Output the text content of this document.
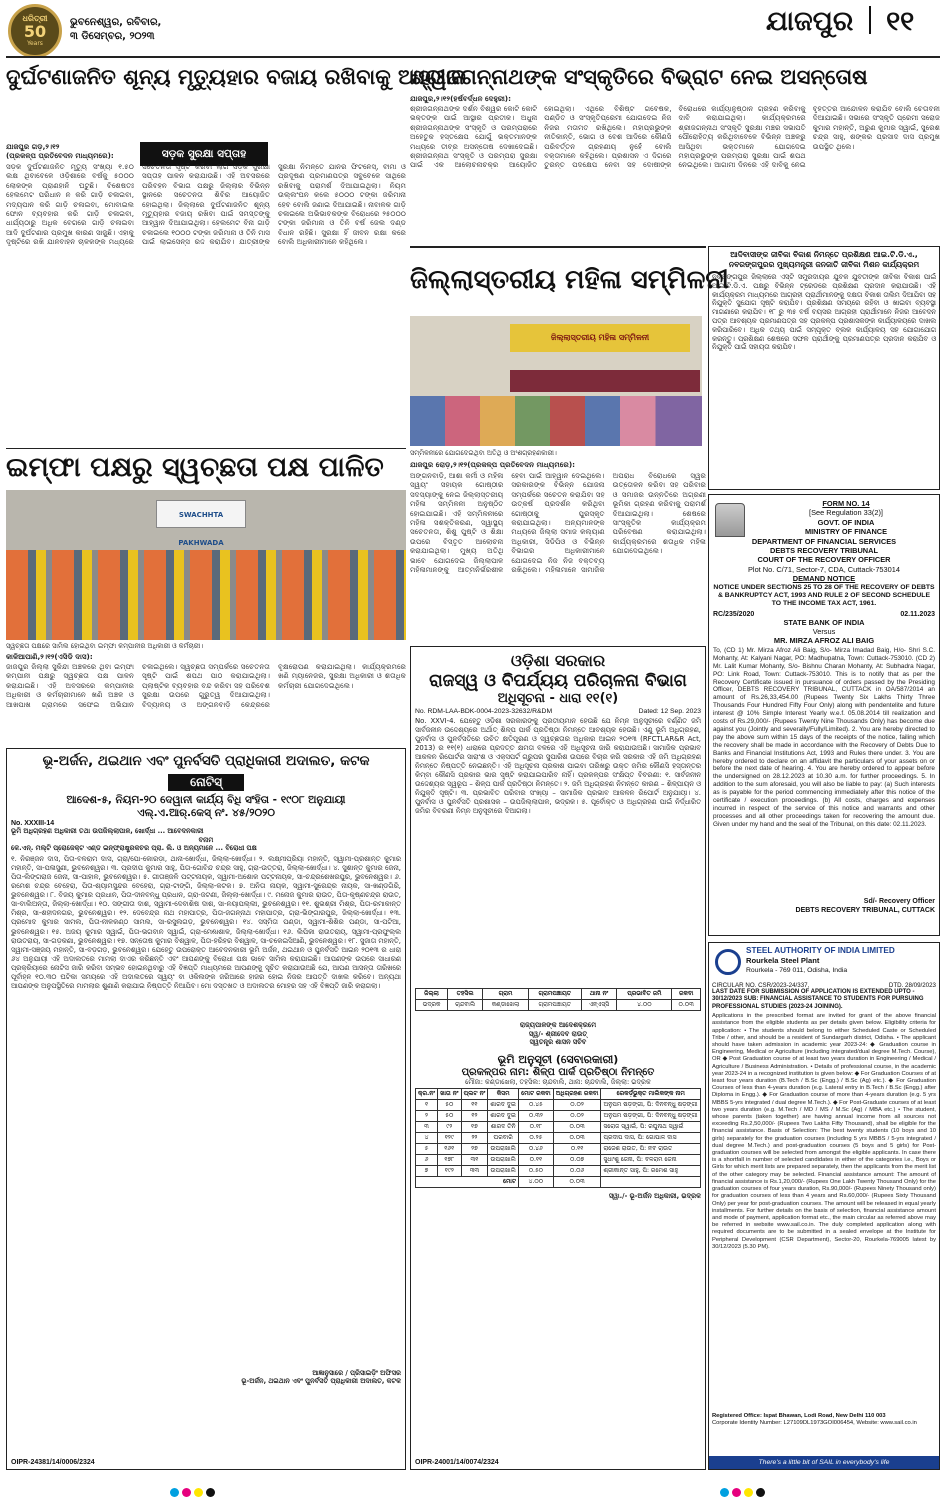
ଧରିତ୍ରୀ
50
Years
ଭୁବନେଶ୍ୱର, ରବିବାର,
୩ ଡିସେମ୍ବର, ୨୦୨୩	ଯାଜପୁର ୧୧
ଦୁର୍ଘଟଣାଜନିତ ଶୂନ୍ୟ ମୃତ୍ୟୁହାର ବଜାୟ ରଖିବାକୁ ଆହ୍ୱାନ
ସଡ଼କ ସୁରକ୍ଷା ସପ୍ତାହ
ଯାଜପୁର ଗଡ଼,୨।୧୨
(ପ୍ରକଳ୍ପ ପ୍ରତିବେଦନ ମାଧ୍ୟମରେ):
ସଡ଼କ ଦୁର୍ଘଟଣାଜନିତ ମୃତ୍ୟୁ ସଂଖ୍ୟା ୧.୫୦ ଲକ୍ଷ ଥିବାବେଳେ ଓଡ଼ିଶାରେ ବର୍ଷକୁ ୫୦୦୦ ଲୋକଙ୍କ ପ୍ରାଣହାନି ଘଟୁଛି। ବିଶେଷତଃ ହେଲମେଟ ପରିଧାନ ନ କରି ଗାଡ଼ି ଚଳାଇବା, ମଦ୍ୟପାନ କରି ଗାଡ଼ି ଚଳାଇବା, ମୋବାଇଲ ଫୋନ ବ୍ୟବହାର କରି ଗାଡ଼ି ଚଳାଇବା, ଧାର୍ଯ୍ୟଠାରୁ ଅଧିକ ବେଗରେ ଗାଡ଼ି ଚଳାଇବା ଆଦି ଦୁର୍ଘଟଣାର ପ୍ରମୁଖ କାରଣ ସାଜୁଛି। ଏହାକୁ ଦୃଷ୍ଟିରେ ରଖି ଯାନବାହନ ଚାଳକଙ୍କ ମଧ୍ୟରେ ସଚେତନତା ସୃଷ୍ଟି କରିବା ଲାଗି ସଡ଼କ ସୁରକ୍ଷା ସପ୍ତାହ ପାଳନ କରାଯାଉଛି। ଏହି ଅବସରରେ ପରିବହନ ବିଭାଗ ପକ୍ଷରୁ ଜିଲ୍ଲାର ବିଭିନ୍ନ ସ୍ଥାନରେ ସଚେତନତା ଶିବିର ଆୟୋଜିତ ହୋଇଥିଲା। ଜିଲ୍ଲାରେ ଦୁର୍ଘଟଣାଜନିତ ଶୂନ୍ୟ ମୃତ୍ୟୁହାର ବଜାୟ ରଖିବା ପାଇଁ ସମସ୍ତଙ୍କୁ ଆହ୍ୱାନ ଦିଆଯାଇଥିଲା। ହେଲମେଟ ବିନା ଗାଡ଼ି ଚଳାଇଲେ ୧୦୦୦ ଟଙ୍କା ଜରିମାନା ଓ ତିନି ମାସ ପାଇଁ ଲାଇସେନ୍ସ ରଦ୍ଦ କରାଯିବ। ଯାତ୍ରୀଙ୍କ ସୁରକ୍ଷା ନିମନ୍ତେ ଯାନର ଫିଟନେସ୍, ବୀମା ଓ ପ୍ରଦୂଷଣ ପ୍ରମାଣପତ୍ର ସବୁବେଳେ ସାଥିରେ ରଖିବାକୁ ପରାମର୍ଶ ଦିଆଯାଇଥିଲା। ନିୟମ ଉଲ୍ଲଂଘନ କଲେ ୫୦୦୦ ଟଙ୍କା ଜରିମାନା ହେବ ବୋଲି ଜଣାଇ ଦିଆଯାଇଛି। ନାବାଳକ ଗାଡ଼ି ଚଳାଇଲେ ଅଭିଭାବକଙ୍କ ବିରୋଧରେ ୨୫୦୦୦ ଟଙ୍କା ଜରିମାନା ଓ ତିନି ବର୍ଷ ଜେଲ ଦଣ୍ଡ ବିଧାନ ରହିଛି। ସୁରକ୍ଷା ହିଁ ଜୀବନ ରକ୍ଷା କରେ ବୋଲି ଅଧିକାରୀମାନେ କହିଥିଲେ।
ଶ୍ରୀଜଗନ୍ନାଥଙ୍କ ସଂସ୍କୃତିରେ ବିଭ୍ରାଟ ନେଇ ଅସନ୍ତୋଷ
ଯାଜପୁର,୨।୧୨(ହର୍ଷବର୍ଦ୍ଧନ ଦେହୁରୀ):
ଶ୍ରୀଜଗନ୍ନାଥଙ୍କ ଦର୍ଶନ ବିଶ୍ୱର କୋଟି କୋଟି ଭକ୍ତଙ୍କ ପାଇଁ ଆସ୍ଥାର ପ୍ରତୀକ। ଅଧୁନା ଶ୍ରୀଜଗନ୍ନାଥଙ୍କ ସଂସ୍କୃତି ଓ ପରମ୍ପରାରେ ଅହେତୁକ ହସ୍ତକ୍ଷେପ ଯୋଗୁଁ ଭକ୍ତମାନଙ୍କ ମଧ୍ୟରେ ତୀବ୍ର ଅସନ୍ତୋଷ ଦେଖାଦେଇଛି। ଶ୍ରୀଜଗନ୍ନାଥ ସଂସ୍କୃତି ଓ ପରମ୍ପରା ସୁରକ୍ଷା ପାଇଁ ଏକ ଆଲୋଚନାଚକ୍ର ଆୟୋଜିତ ହୋଇଥିଲା। ଏଥିରେ ବିଶିଷ୍ଟ ଗବେଷକ, ପଣ୍ଡିତ ଓ ସଂସ୍କୃତିପ୍ରେମୀ ଯୋଗଦେଇ ନିଜ ନିଜର ମତାମତ ରଖିଥିଲେ। ମହାପ୍ରଭୁଙ୍କ ନୀତିକାନ୍ତି, ଭୋଗ ଓ ବେଶ ଆଦିରେ କୌଣସି ପରିବର୍ତ୍ତନ ଗ୍ରହଣୀୟ ନୁହେଁ ବୋଲି ବକ୍ତାମାନେ କହିଥିଲେ। ପ୍ରଶାସନ ଏ ଦିଗରେ ତୁରନ୍ତ ପଦକ୍ଷେପ ନେବା ସହ ଦୋଷୀଙ୍କ ବିରୋଧରେ କାର୍ଯ୍ୟାନୁଷ୍ଠାନ ଗ୍ରହଣ କରିବାକୁ ଦାବି କରାଯାଇଥିଲା। କାର୍ଯ୍ୟକ୍ରମରେ ଶ୍ରୀଜଗନ୍ନାଥ ସଂସ୍କୃତି ସୁରକ୍ଷା ମଞ୍ଚର ସଭାପତି ପୌରୋହିତ୍ୟ କରିଥିବାବେଳେ ବିଭିନ୍ନ ଅଞ୍ଚଳରୁ ଆସିଥିବା ଭକ୍ତମାନେ ଯୋଗଦେଇ ମହାପ୍ରଭୁଙ୍କ ପରମ୍ପରା ସୁରକ୍ଷା ପାଇଁ ଶପଥ ନେଇଥିଲେ। ଆଗାମୀ ଦିନରେ ଏହି ଦାବିକୁ ନେଇ ବୃହତ୍ତର ଆନ୍ଦୋଳନ କରାଯିବ ବୋଲି ଚେତାବନୀ ଦିଆଯାଇଛି। ସଭାରେ ସଂସ୍କୃତି ପ୍ରେମୀ ସରୋଜ କୁମାର ମହାନ୍ତି, ଅରୁଣ କୁମାର ସ୍ୱାଇଁ, ସୁରେଶ ଚନ୍ଦ୍ର ସାହୁ, ଶଙ୍କର ପ୍ରସାଦ ଦାସ ପ୍ରମୁଖ ଉପସ୍ଥିତ ଥିଲେ।
ଜିଲ୍ଲାସ୍ତରୀୟ ମହିଳା ସମ୍ମିଳନୀ
ଜିଲ୍ଲାସ୍ତରୀୟ ମହିଳା ସମ୍ମିଳନୀ
ସମ୍ମିଳନୀରେ ଯୋଗଦେଇଥିବା ଅତିଥି ଓ ଅଂଶଗ୍ରହଣକାରୀ।
ଯାଜପୁର ରୋଡ଼,୨।୧୨(ପ୍ରକଳ୍ପ ପ୍ରତିବେଦନ ମାଧ୍ୟମରେ):
ଅଙ୍ଗନବାଡ଼ି, ଆଶା କର୍ମୀ ଓ ମହିଳା ସ୍ୱୟଂ ସହାୟକ ଗୋଷ୍ଠୀର ସଦସ୍ୟାଙ୍କୁ ନେଇ ଜିଲ୍ଲାସ୍ତରୀୟ ମହିଳା ସମ୍ମିଳନୀ ଅନୁଷ୍ଠିତ ହୋଇଯାଇଛି। ଏହି ସମ୍ମିଳନୀରେ ମହିଳା ସଶକ୍ତିକରଣ, ସ୍ୱାସ୍ଥ୍ୟ ସଚେତନତା, ଶିଶୁ ପୁଷ୍ଟି ଓ ଶିକ୍ଷା ଉପରେ ବିସ୍ତୃତ ଆଲୋଚନା କରାଯାଇଥିଲା। ମୁଖ୍ୟ ଅତିଥି ଭାବେ ଯୋଗଦେଇ ଜିଲ୍ଲାପାଳ ମହିଳାମାନଙ୍କୁ ଆତ୍ମନିର୍ଭରଶୀଳ ହେବା ପାଇଁ ଆହ୍ୱାନ ଦେଇଥିଲେ। ସରକାରଙ୍କ ବିଭିନ୍ନ ଯୋଜନା ସମ୍ପର୍କରେ ସଚେତନ କରାଯିବା ସହ ଉତ୍କର୍ଷ ପ୍ରଦର୍ଶନ କରିଥିବା ଗୋଷ୍ଠୀକୁ ପୁରସ୍କୃତ କରାଯାଇଥିଲା। ଅନ୍ୟମାନଙ୍କ ମଧ୍ୟରେ ଜିଲ୍ଲା ସମାଜ କଲ୍ୟାଣ ଅଧିକାରୀ, ସିଡିପିଓ ଓ ବିଭିନ୍ନ ବିଭାଗର ଅଧିକାରୀମାନେ ଯୋଗଦେଇ ନିଜ ନିଜ ବକ୍ତବ୍ୟ ରଖିଥିଲେ। ମହିଳାମାନେ ସାମାଜିକ ଅପରାଧ ବିରୋଧରେ ସ୍ୱର ଉତ୍ତୋଳନ କରିବା ସହ ପରିବାର ଓ ସମାଜର ଉନ୍ନତିରେ ଅଗ୍ରଣୀ ଭୂମିକା ଗ୍ରହଣ କରିବାକୁ ପରାମର୍ଶ ଦିଆଯାଇଥିଲା। ଶେଷରେ ସାଂସ୍କୃତିକ କାର୍ଯ୍ୟକ୍ରମ ପରିବେଷଣ କରାଯାଇଥିଲା। କାର୍ଯ୍ୟକ୍ରମରେ ଶତାଧିକ ମହିଳା ଯୋଗଦେଇଥିଲେ।
ଇମ୍ଫା ପକ୍ଷରୁ ସ୍ୱଚ୍ଛତା ପକ୍ଷ ପାଳିତ
SWACHHTA PAKHWADA
ସ୍ୱଚ୍ଛତା ପକ୍ଷରେ ସାମିଲ ହୋଇଥିବା ଇମ୍ଫା କମ୍ପାନୀର ଅଧିକାରୀ ଓ କର୍ମଚାରୀ।
କାଳିଆପାଣି,୨।୧୨(ଏସିଡି ଦାସ):
ଜାଜପୁର ଜିଲ୍ଲା ସୁକିନ୍ଦା ଅଞ୍ଚଳରେ ଥିବା ଇମ୍ଫା କମ୍ପାନୀ ପକ୍ଷରୁ ସ୍ୱଚ୍ଛତା ପକ୍ଷ ପାଳନ କରାଯାଇଛି। ଏହି ଅବସରରେ କମ୍ପାନୀର ଅଧିକାରୀ ଓ କର୍ମଚାରୀମାନେ ଖଣି ଅଞ୍ଚଳ ଓ ଆଖପାଖ ଗ୍ରାମରେ ସଫେଇ ଅଭିଯାନ ଚଳାଇଥିଲେ। ସ୍ୱଚ୍ଛତା ସମ୍ପର୍କରେ ସଚେତନତା ସୃଷ୍ଟି ପାଇଁ ଶପଥ ପାଠ କରାଯାଇଥିଲା। ପ୍ଲାଷ୍ଟିକ ବ୍ୟବହାର ବନ୍ଦ କରିବା ସହ ପରିବେଶ ସୁରକ୍ଷା ଉପରେ ଗୁରୁତ୍ୱ ଦିଆଯାଇଥିଲା। ବିଦ୍ୟାଳୟ ଓ ଅଙ୍ଗନବାଡ଼ି କେନ୍ଦ୍ରରେ ବୃକ୍ଷରୋପଣ କରାଯାଇଥିଲା। କାର୍ଯ୍ୟକ୍ରମରେ ଖଣି ମ୍ୟାନେଜର, ସୁରକ୍ଷା ଅଧିକାରୀ ଓ ଶତାଧିକ କର୍ମଚାରୀ ଯୋଗଦେଇଥିଲେ।
ଆଦିବାସୀଙ୍କ ଜୀବିକା ବିକାଶ ନିମନ୍ତେ ପ୍ରଶିକ୍ଷଣ ଆଇ.ଟି.ଡି.ଏ., ନବରଙ୍ଗପୁରର ମୁଖ୍ୟମନ୍ତ୍ରୀ ଜନଜାତି ଜୀବିକା ମିଶନ କାର୍ଯ୍ୟକ୍ରମ
ନବରଙ୍ଗପୁର ଜିଲ୍ଲାରେ ଏସ୍‌ଟି ସମ୍ପ୍ରଦାୟର ଯୁବକ ଯୁବତୀଙ୍କ ଜୀବିକା ବିକାଶ ପାଇଁ ଆଇ.ଟି.ଡି.ଏ. ପକ୍ଷରୁ ବିଭିନ୍ନ ଟ୍ରେଡରେ ପ୍ରଶିକ୍ଷଣ ପ୍ରଦାନ କରାଯାଉଛି। ଏହି କାର୍ଯ୍ୟକ୍ରମ ମାଧ୍ୟମରେ ଆଗ୍ରହୀ ପ୍ରାର୍ଥୀମାନଙ୍କୁ ଦକ୍ଷତା ବିକାଶ ତାଲିମ ଦିଆଯିବା ସହ ନିଯୁକ୍ତି ସୁଯୋଗ ସୃଷ୍ଟି କରାଯିବ। ପ୍ରଶିକ୍ଷଣ ସମୟରେ ରହିବା ଓ ଖାଇବା ବ୍ୟବସ୍ଥା ମାଗଣାରେ କରାଯିବ। ୧୮ ରୁ ୩୫ ବର୍ଷ ବୟସର ଆଗ୍ରହୀ ପ୍ରାର୍ଥୀମାନେ ନିଜର ଆବେଦନ ପତ୍ର ଆବଶ୍ୟକ ପ୍ରମାଣପତ୍ର ସହ ପ୍ରକଳ୍ପ ପ୍ରଶାସକଙ୍କ କାର୍ଯ୍ୟାଳୟରେ ଦାଖଲ କରିପାରିବେ। ଅଧିକ ତଥ୍ୟ ପାଇଁ ସମ୍ପୃକ୍ତ ବ୍ଲକ କାର୍ଯ୍ୟାଳୟ ସହ ଯୋଗାଯୋଗ କରନ୍ତୁ। ପ୍ରଶିକ୍ଷଣ ଶେଷରେ ସଫଳ ପ୍ରାର୍ଥୀଙ୍କୁ ପ୍ରମାଣପତ୍ର ପ୍ରଦାନ କରାଯିବ ଓ ନିଯୁକ୍ତି ପାଇଁ ସହାୟତା କରାଯିବ।
FORM NO. 14
[See Regulation 33(2)]
GOVT. OF INDIA
MINISTRY OF FINANCE
DEPARTMENT OF FINANCIAL SERVICES
DEBTS RECOVERY TRIBUNAL
COURT OF THE RECOVERY OFFICER
Plot No. C/71, Sector-7, CDA, Cuttack-753014
DEMAND NOTICE
NOTICE UNDER SECTIONS 25 TO 28 OF THE RECOVERY OF DEBTS & BANKRUPTCY ACT, 1993 AND RULE 2 OF SECOND SCHEDULE TO THE INCOME TAX ACT, 1961.
RC/235/2020	02.11.2023
STATE BANK OF INDIA
Versus
MR. MIRZA AFROZ ALI BAIG
To, (CD 1) Mr. Mirza Afroz Ali Baig, S/o- Mirza Imadad Baig, H/o- Shri S.C. Mohanty, At: Kalyani Nagar, PO: Madhupatna, Town: Cuttack-753010. (CD 2) Mr. Lalit Kumar Mohanty, S/o- Bishnu Charan Mohanty, At: Subhadra Nagar, PO: Link Road, Town: Cuttack-753010. This is to notify that as per the Recovery Certificate issued in pursuance of orders passed by the Presiding Officer, DEBTS RECOVERY TRIBUNAL, CUTTACK in OA/587/2014 an amount of Rs.26,33,454.00 (Rupees Twenty Six Lakhs Thirty Three Thousands Four Hundred Fifty Four Only) along with pendentelite and future interest @ 10% Simple Interest Yearly w.e.f. 05.08.2014 till realization and costs of Rs.29,000/- (Rupees Twenty Nine Thousands Only) has become due against you (Jointly and severally/Fully/Limited). 2. You are hereby directed to pay the above sum within 15 days of the receipts of the notice, failing which the recovery shall be made in accordance with the Recovery of Debts Due to Banks and Financial Institutions Act, 1993 and Rules there under. 3. You are hereby ordered to declare on an affidavit the particulars of your assets on or before the next date of hearing. 4. You are hereby ordered to appear before the undersigned on 28.12.2023 at 10.30 a.m. for further proceedings. 5. In addition to the sum aforesaid, you will also be liable to pay: (a) Such interests as is payable for the period commencing immediately after this notice of the certificate / execution proceedings. (b) All costs, charges and expenses incurred in respect of the service of this notice and warrants and other processes and all other proceedings taken for recovering the amount due. Given under my hand and the seal of the Tribunal, on this date: 02.11.2023.
Sd/- Recovery Officer
DEBTS RECOVERY TRIBUNAL, CUTTACK
STEEL AUTHORITY OF INDIA LIMITED
Rourkela Steel Plant
Rourkela - 769 011, Odisha, India
CIRCULAR NO. CSR/2023-24/337,	DTD. 28/09/2023
LAST DATE FOR SUBMISSION OF APPLICATION IS EXTENDED UPTO - 30/12/2023 SUB: FINANCIAL ASSISTANCE TO STUDENTS FOR PURSUING PROFESSIONAL STUDIES (2023-24 JOINING).
Applications in the prescribed format are invited for grant of the above financial assistance from the eligible students as per details given below. Eligibility criteria for application: • The students should belong to either Scheduled Caste or Scheduled Tribe / other, and should be a resident of Sundargarh district, Odisha. • The applicant should have taken admission in academic year 2023-24: ◆ Graduation course in Engineering, Medical or Agriculture (including integrated/dual degree M.Tech. Course), OR ◆ Post Graduation course of at least two years duration in Engineering / Medical / Agriculture / Business Administration. • Details of professional course, in the academic year 2023-24 in a recognized institution is given below: ◆ For Graduation Courses of at least four years duration (B.Tech / B.Sc (Engg.) / B.Sc (Ag) etc.). ◆ For Graduation Courses of less than 4-years duration (e.g. Lateral entry in B.Tech / B.Sc (Engg.) after Diploma in Engg.). ◆ For Graduation course of more than 4-years duration (e.g. 5 yrs MBBS 5-yrs integrated / dual degree M.Tech.). ◆ For Post-Graduate courses of at least two years duration (e.g. M.Tech / MD / MS / M.Sc (Ag) / MBA etc.) • The student, whose parents (taken together) are having annual income from all sources not exceeding Rs.2,50,000/- (Rupees Two Lakhs Fifty Thousand), shall be eligible for the financial assistance. Basis of Selection: The best twenty students (10 boys and 10 girls) separately for the graduation courses (including 5 yrs MBBS / 5-yrs integrated / dual degree M.Tech.) and post-graduation courses (5 boys and 5 girls) for Post-graduation courses will be selected from amongst the eligible applicants. In case there is a shortfall in number of selected candidates in either of the categories i.e., Boys or Girls for which merit lists are prepared separately, then the applicants from the merit list of the other category may be selected. Financial assistance amount: The amount of financial assistance is Rs.1,20,000/- (Rupees One Lakh Twenty Thousand Only) for the graduation courses of four years duration, Rs.90,000/- (Rupees Ninety Thousand only) for graduation courses of less than 4 years and Rs.60,000/- (Rupees Sixty Thousand Only) per year for post-graduation courses. The amount will be released in equal yearly installments. For further details on the basis of selection, financial assistance amount and mode of payment, application format etc., the main circular as referred above may be referred in website www.sail.co.in. The duly completed application along with required documents are to be submitted in a sealed envelope at the Institute for Peripheral Development (CSR Department), Sector-20, Rourkela-769005 latest by 30/12/2023 (5.30 PM).
Registered Office: Ispat Bhawan, Lodi Road, New Delhi 110 003
Corporate Identity Number: L27109DL1973GOI006454, Website: www.sail.co.in
There's a little bit of SAIL in everybody's life
ଭୂ-ଅର୍ଜନ, ଥଇଥାନ ଏବଂ ପୁନର୍ବସତି ପ୍ରାଧିକାରୀ ଅଦାଲତ, କଟକ
ନୋଟିସ୍
ଆଦେଶ-୫, ନିୟମ-୨୦ ଦେୱାନୀ କାର୍ଯ୍ୟ ବିଧି ସଂହିତା - ୧୯୦୮ ଅନୁଯାୟୀ
ଏଲ୍‌.ଏ.ଆର୍‌.କେସ୍ ନଂ. ୪୫/୨୦୨୦
No. XXXIII-14
ଭୂମି ଅଧିଗ୍ରହଣ ଅଧିକାରୀ ତଥା ଉପଜିଲ୍ଲାପାଳ, ଖୋର୍ଦ୍ଧା ... ଆବେଦନକାରୀ
ବନାମ
କେ.ଏନ୍. ମଲ୍ଟି ପ୍ରୋଜେକ୍ଟ ଏଣ୍ଡ ଇନ୍‌ଫ୍ରାଷ୍ଟ୍ରକଚର ପ୍ରା. ଲି. ଓ ଅନ୍ୟମାନେ ... ବିରୋଧୀ ପକ୍ଷ
୧. ନିରଞ୍ଜନ ଦାସ, ପିତା-ବଳରାମ ଦାସ, ଗ୍ରା/ପୋ-କୋରଡ଼ା, ଥାନା-ଖୋର୍ଦ୍ଧା, ଜିଲ୍ଲା-ଖୋର୍ଦ୍ଧା। ୨. ଲକ୍ଷ୍ମୀପ୍ରିୟା ମହାନ୍ତି, ସ୍ୱାମୀ-ପ୍ରଶାନ୍ତ କୁମାର ମହାନ୍ତି, ସା-ପଳାସୁଣୀ, ଭୁବନେଶ୍ୱର। ୩. ପ୍ରଦୀପ କୁମାର ସାହୁ, ପିତା-ଗୋବିନ୍ଦ ଚନ୍ଦ୍ର ସାହୁ, ଗ୍ରା-ଉତ୍ତରା, ଜିଲ୍ଲା-ଖୋର୍ଦ୍ଧା। ୪. ସୁଶାନ୍ତ କୁମାର ଜେନା, ପିତା-ଲିଙ୍ଗରାଜ ଜେନା, ସା-ପାହାଳ, ଭୁବନେଶ୍ୱର। ୫. ଗୀତାଞ୍ଜଳି ପଟ୍ଟନାୟକ, ସ୍ୱାମୀ-ଅଶୋକ ପଟ୍ଟନାୟକ, ସା-ଚନ୍ଦ୍ରଶେଖରପୁର, ଭୁବନେଶ୍ୱର। ୬. ରମେଶ ଚନ୍ଦ୍ର ବେହେରା, ପିତା-ଶ୍ୟାମସୁନ୍ଦର ବେହେରା, ଗ୍ରା-ଟାଙ୍ଗି, ଜିଲ୍ଲା-କଟକ। ୭. ଅନିତା ନାୟକ, ସ୍ୱାମୀ-ସୁରେନ୍ଦ୍ର ନାୟକ, ସା-ଖଣ୍ଡଗିରି, ଭୁବନେଶ୍ୱର। ୮. ବିଜୟ କୁମାର ପ୍ରଧାନ, ପିତା-ଦୀନବନ୍ଧୁ ପ୍ରଧାନ, ଗ୍ରା-ଜଟଣୀ, ଜିଲ୍ଲା-ଖୋର୍ଦ୍ଧା। ୯. ମନୋଜ କୁମାର ରାଉତ, ପିତା-କୃଷ୍ଣଚନ୍ଦ୍ର ରାଉତ, ସା-ବାଲିଅନ୍ତା, ଜିଲ୍ଲା-ଖୋର୍ଦ୍ଧା। ୧୦. ସଙ୍ଗୀତା ଦାଶ, ସ୍ୱାମୀ-ଦେବାଶିଷ ଦାଶ, ସା-ନୟାପଲ୍ଲୀ, ଭୁବନେଶ୍ୱର। ୧୧. ଶୁଭଶ୍ରୀ ମିଶ୍ର, ପିତା-ରମାକାନ୍ତ ମିଶ୍ର, ସା-ଶହୀଦନଗର, ଭୁବନେଶ୍ୱର। ୧୨. ଦେବେନ୍ଦ୍ର ନାଥ ମହାପାତ୍ର, ପିତା-ଜଗନ୍ନାଥ ମହାପାତ୍ର, ଗ୍ରା-ଭିଙ୍ଗାରପୁର, ଜିଲ୍ଲା-ଖୋର୍ଦ୍ଧା। ୧୩. ପ୍ରମୋଦ କୁମାର ସାମଲ, ପିତା-ନୀଳକଣ୍ଠ ସାମଲ, ସା-ରସୁଲଗଡ଼, ଭୁବନେଶ୍ୱର। ୧୪. ସସ୍ମିତା ପଣ୍ଡା, ସ୍ୱାମୀ-ଶିଶିର ପଣ୍ଡା, ସା-ପଟିଆ, ଭୁବନେଶ୍ୱର। ୧୫. ଅଜୟ କୁମାର ସ୍ୱାଇଁ, ପିତା-ଭଗବାନ ସ୍ୱାଇଁ, ଗ୍ରା-ମେଣ୍ଢାଶାଳ, ଜିଲ୍ଲା-ଖୋର୍ଦ୍ଧା। ୧୬. ଲିପିକା ରାଉତରାୟ, ସ୍ୱାମୀ-ପ୍ରଫୁଲ୍ଲ ରାଉତରାୟ, ସା-ଗଡ଼କଣା, ଭୁବନେଶ୍ୱର। ୧୭. ସନ୍ତୋଷ କୁମାର ବିଶ୍ୱାଳ, ପିତା-ହରିହର ବିଶ୍ୱାଳ, ସା-ଚକେଇସିଆଣି, ଭୁବନେଶ୍ୱର। ୧୮. ସୁଜାତା ମହାନ୍ତି, ସ୍ୱାମୀ-ସଞ୍ଜୟ ମହାନ୍ତି, ସା-ବଡ଼ଗଡ଼, ଭୁବନେଶ୍ୱର। ଯେହେତୁ ଉପରୋକ୍ତ ଆବେଦନକାରୀ ଭୂମି ଅର୍ଜନ, ଥଇଥାନ ଓ ପୁନର୍ବସତି ଆଇନ ୨୦୧୩ ର ଧାରା ୬୪ ଅନୁଯାୟୀ ଏହି ଅଦାଲତରେ ମାମଲା ଦାଏର କରିଛନ୍ତି ଏବଂ ଆପଣଙ୍କୁ ବିରୋଧୀ ପକ୍ଷ ଭାବେ ସାମିଲ କରାଯାଇଛି। ଆପଣଙ୍କ ଉପରେ ସାଧାରଣ ପ୍ରକ୍ରିୟାରେ ନୋଟିସ ଜାରି କରିବା ସମ୍ଭବ ହୋଇନଥିବାରୁ ଏହି ବିଜ୍ଞପ୍ତି ମାଧ୍ୟମରେ ଆପଣଙ୍କୁ ସୂଚିତ କରାଯାଉଅଛି ଯେ, ଆପଣ ଆସନ୍ତା ତାରିଖରେ ପୂର୍ବାହ୍ନ ୧୦.୩୦ ଘଟିକା ସମୟରେ ଏହି ଅଦାଲତରେ ସ୍ୱୟଂ ବା ଓକିଲଙ୍କ ଜରିଆରେ ହାଜର ହୋଇ ନିଜର ଆପତ୍ତି ଦାଖଲ କରିବେ। ଅନ୍ୟଥା ଆପଣଙ୍କ ଅନୁପସ୍ଥିତିରେ ମାମଲାର ଶୁଣାଣି କରାଯାଇ ନିଷ୍ପତ୍ତି ନିଆଯିବ। ମୋ ଦସ୍ତଖତ ଓ ଅଦାଲତର ମୋହର ସହ ଏହି ବିଜ୍ଞପ୍ତି ଜାରି କରାଗଲା।
ଆଜ୍ଞାନୁସାରେ / ପ୍ରିସାଇଡ଼ିଂ ଅଫିସର
ଭୂ-ଅର୍ଜନ, ଥଇଥାନ ଏବଂ ପୁନର୍ବସତି ପ୍ରାଧିକାରୀ ଅଦାଲତ, କଟକ
OIPR-24381/14/0006/2324
ଓଡ଼ିଶା ସରକାର
ରାଜସ୍ୱ ଓ ବିପର୍ଯ୍ୟୟ ପରିଚାଳନା ବିଭାଗ
ଅଧିସୂଚନା - ଧାରା ୧୧(୧)
No. RDM-LAA-BDK-0004-2023-32632/R&DM	Dated: 12 Sep. 2023
No. XXVI-4. ଯେହେତୁ ଓଡ଼ିଶା ସରକାରଙ୍କୁ ପ୍ରତୀୟମାନ ହେଉଛି ଯେ ନିମ୍ନ ଅନୁସୂଚୀରେ ବର୍ଣ୍ଣିତ ଜମି ସାର୍ବଜନୀନ ଉଦ୍ଦେଶ୍ୟରେ ଅର୍ଥାତ୍ ଶିଳ୍ପ ପାର୍କ ପ୍ରତିଷ୍ଠା ନିମନ୍ତେ ଆବଶ୍ୟକ ହେଉଛି। ଏଣୁ ଭୂମି ଅଧିଗ୍ରହଣ, ପୁନର୍ବାସ ଓ ପୁନର୍ବସତିରେ ଉଚିତ କ୍ଷତିପୂରଣ ଓ ସ୍ୱଚ୍ଛତାର ଅଧିକାର ଆଇନ ୨୦୧୩ (RFCTLAR&R Act, 2013) ର ୧୧(୧) ଧାରାରେ ପ୍ରଦତ୍ତ କ୍ଷମତା ବଳରେ ଏହି ଅଧିସୂଚନା ଜାରି କରାଯାଉଅଛି। ସାମାଜିକ ପ୍ରଭାବ ଆକଳନ ରିପୋର୍ଟର ସାରାଂଶ ଓ ଏକ୍ସପର୍ଟ ଗ୍ରୁପର ସୁପାରିଶ ଉପରେ ବିଚାର କରି ସରକାର ଏହି ଜମି ଅଧିଗ୍ରହଣ ନିମନ୍ତେ ନିଷ୍ପତ୍ତି ନେଇଛନ୍ତି। ଏହି ଅଧିସୂଚନା ପ୍ରକାଶ ପାଇବା ତାରିଖରୁ ଉକ୍ତ ଜମିର କୌଣସି ହସ୍ତାନ୍ତର କିମ୍ବା କୌଣସି ପ୍ରକାର ଭାର ସୃଷ୍ଟି କରାଯାଇପାରିବ ନାହିଁ। ପ୍ରକଳ୍ପର ସଂକ୍ଷିପ୍ତ ବିବରଣୀ: ୧. ସାର୍ବଜନୀନ ଉଦ୍ଦେଶ୍ୟର ସ୍ୱରୂପ – ଶିଳ୍ପ ପାର୍କ ପ୍ରତିଷ୍ଠା ନିମନ୍ତେ। ୨. ଜମି ଅଧିଗ୍ରହଣ ନିମନ୍ତେ କାରଣ – ଶିଳ୍ପାୟନ ଓ ନିଯୁକ୍ତି ସୃଷ୍ଟି। ୩. ପ୍ରଭାବିତ ପରିବାର ସଂଖ୍ୟା – ସାମାଜିକ ପ୍ରଭାବ ଆକଳନ ରିପୋର୍ଟ ଅନୁଯାୟୀ। ୪. ପୁନର୍ବାସ ଓ ପୁନର୍ବସତି ପ୍ରଶାସକ – ଉପଜିଲ୍ଲାପାଳ, ଭଦ୍ରକ। ୫. ପୂର୍ବୋକ୍ତ ଓ ଅଧିଗ୍ରହଣ ପାଇଁ ନିର୍ଦ୍ଧାରିତ ଜମିର ବିବରଣୀ ନିମ୍ନ ଅନୁସୂଚୀରେ ଦିଆଗଲା।
ଜିଲ୍ଲା	ତହସିଲ	ଗ୍ରାମ	ଗ୍ରାମପଞ୍ଚାୟତ	ଥାନା ନଂ	ପ୍ରଭାବିତ ଜମି	ରକବା
ଭଦ୍ରକ	ଚାନ୍ଦବାଲି	କଣ୍ଡାଖେଲା	ଗ୍ରାମପଞ୍ଚାୟତ	ଏନ୍‌ଏସ୍‌ସି	୪.୦୦	୦.୦୩
ରାଜ୍ୟପାଳଙ୍କ ଆଦେଶକ୍ରମେ
ସ୍ୱ/- ଶ୍ରୀଦେବ ରାଉତ୍
ସ୍ୱତନ୍ତ୍ର ଶାସନ ସଚିବ
ଭୂମି ଅନୁସୂଚୀ (ସେବାରକାରୀ)
ପ୍ରକଳ୍ପର ନାମ: ଶିଳ୍ପ ପାର୍କ ପ୍ରତିଷ୍ଠା ନିମନ୍ତେ
ମୌଜା: କଣ୍ଡାଖେଲା, ତହସିଲ: ଚାନ୍ଦବାଲି, ଥାନା: ଚାନ୍ଦବାଲି, ଜିଲ୍ଲା: ଭଦ୍ରକ
କ୍ର.ନଂ	ଖାତା ନଂ	ପ୍ଲଟ ନଂ	କିସମ	ମୋଟ ରକବା	ଅଧିଗ୍ରହଣ ରକବା	ରେକର୍ଡ଼ଭୁକ୍ତ ମାଲିକଙ୍କ ନାମ
୧	୫୦	୧୧	ଶାରଦ ଦୁଇ	୦.୪୫	୦.୦୨	ଅନୁପମ ଷଡ଼ଙ୍ଗୀ, ପି: ଦିନବନ୍ଧୁ ଷଡ଼ଙ୍ଗୀ
୨	୫୦	୧୨	ଶାରଦ ଦୁଇ	୦.୩୨	୦.୦୨	ଅନୁପମ ଷଡ଼ଙ୍ଗୀ, ପି: ଦିନବନ୍ଧୁ ଷଡ଼ଙ୍ଗୀ
୩	୯୨	୧୭	ଶାରଦ ତିନି	୦.୧୮	୦.୦୩	ସରୋଜ ସ୍ୱାଇଁ, ପି: ରଘୁନାଥ ସ୍ୱାଇଁ
୪	୧୨୯	୨୨	ଘରବାରି	୦.୨୫	୦.୦୩	ପ୍ରଦୀପ ଦାସ, ପି: ଗୋପାଳ ଦାସ
୫	୧୬୧	୨୭	ଉପରାଖାଲି	୦.୪୬	୦.୧୧	ରାଜେଶ ରାଉତ, ପି: ନବ ରାଉତ
୬	୧୭୮	୩୧	ଉପରାଖାଲି	୦.୧୧	୦.୦୭	ସୁଧାଂଶୁ ଜେନା, ପି: ବଳରାମ ଜେନା
୭	୧୯୨	୩୩	ଉପରାଖାଲି	୦.୫୦	୦.୦୬	ଶ୍ରୀକାନ୍ତ ସାହୁ, ପି: ରମେଶ ସାହୁ
ମୋଟ				୪.୦୦	୦.୦୩	
ସ୍ୱା./- ଭୂ-ଅର୍ଜନ ଅଧିକାରୀ, ଭଦ୍ରକ
OIPR-24001/14/0074/2324
